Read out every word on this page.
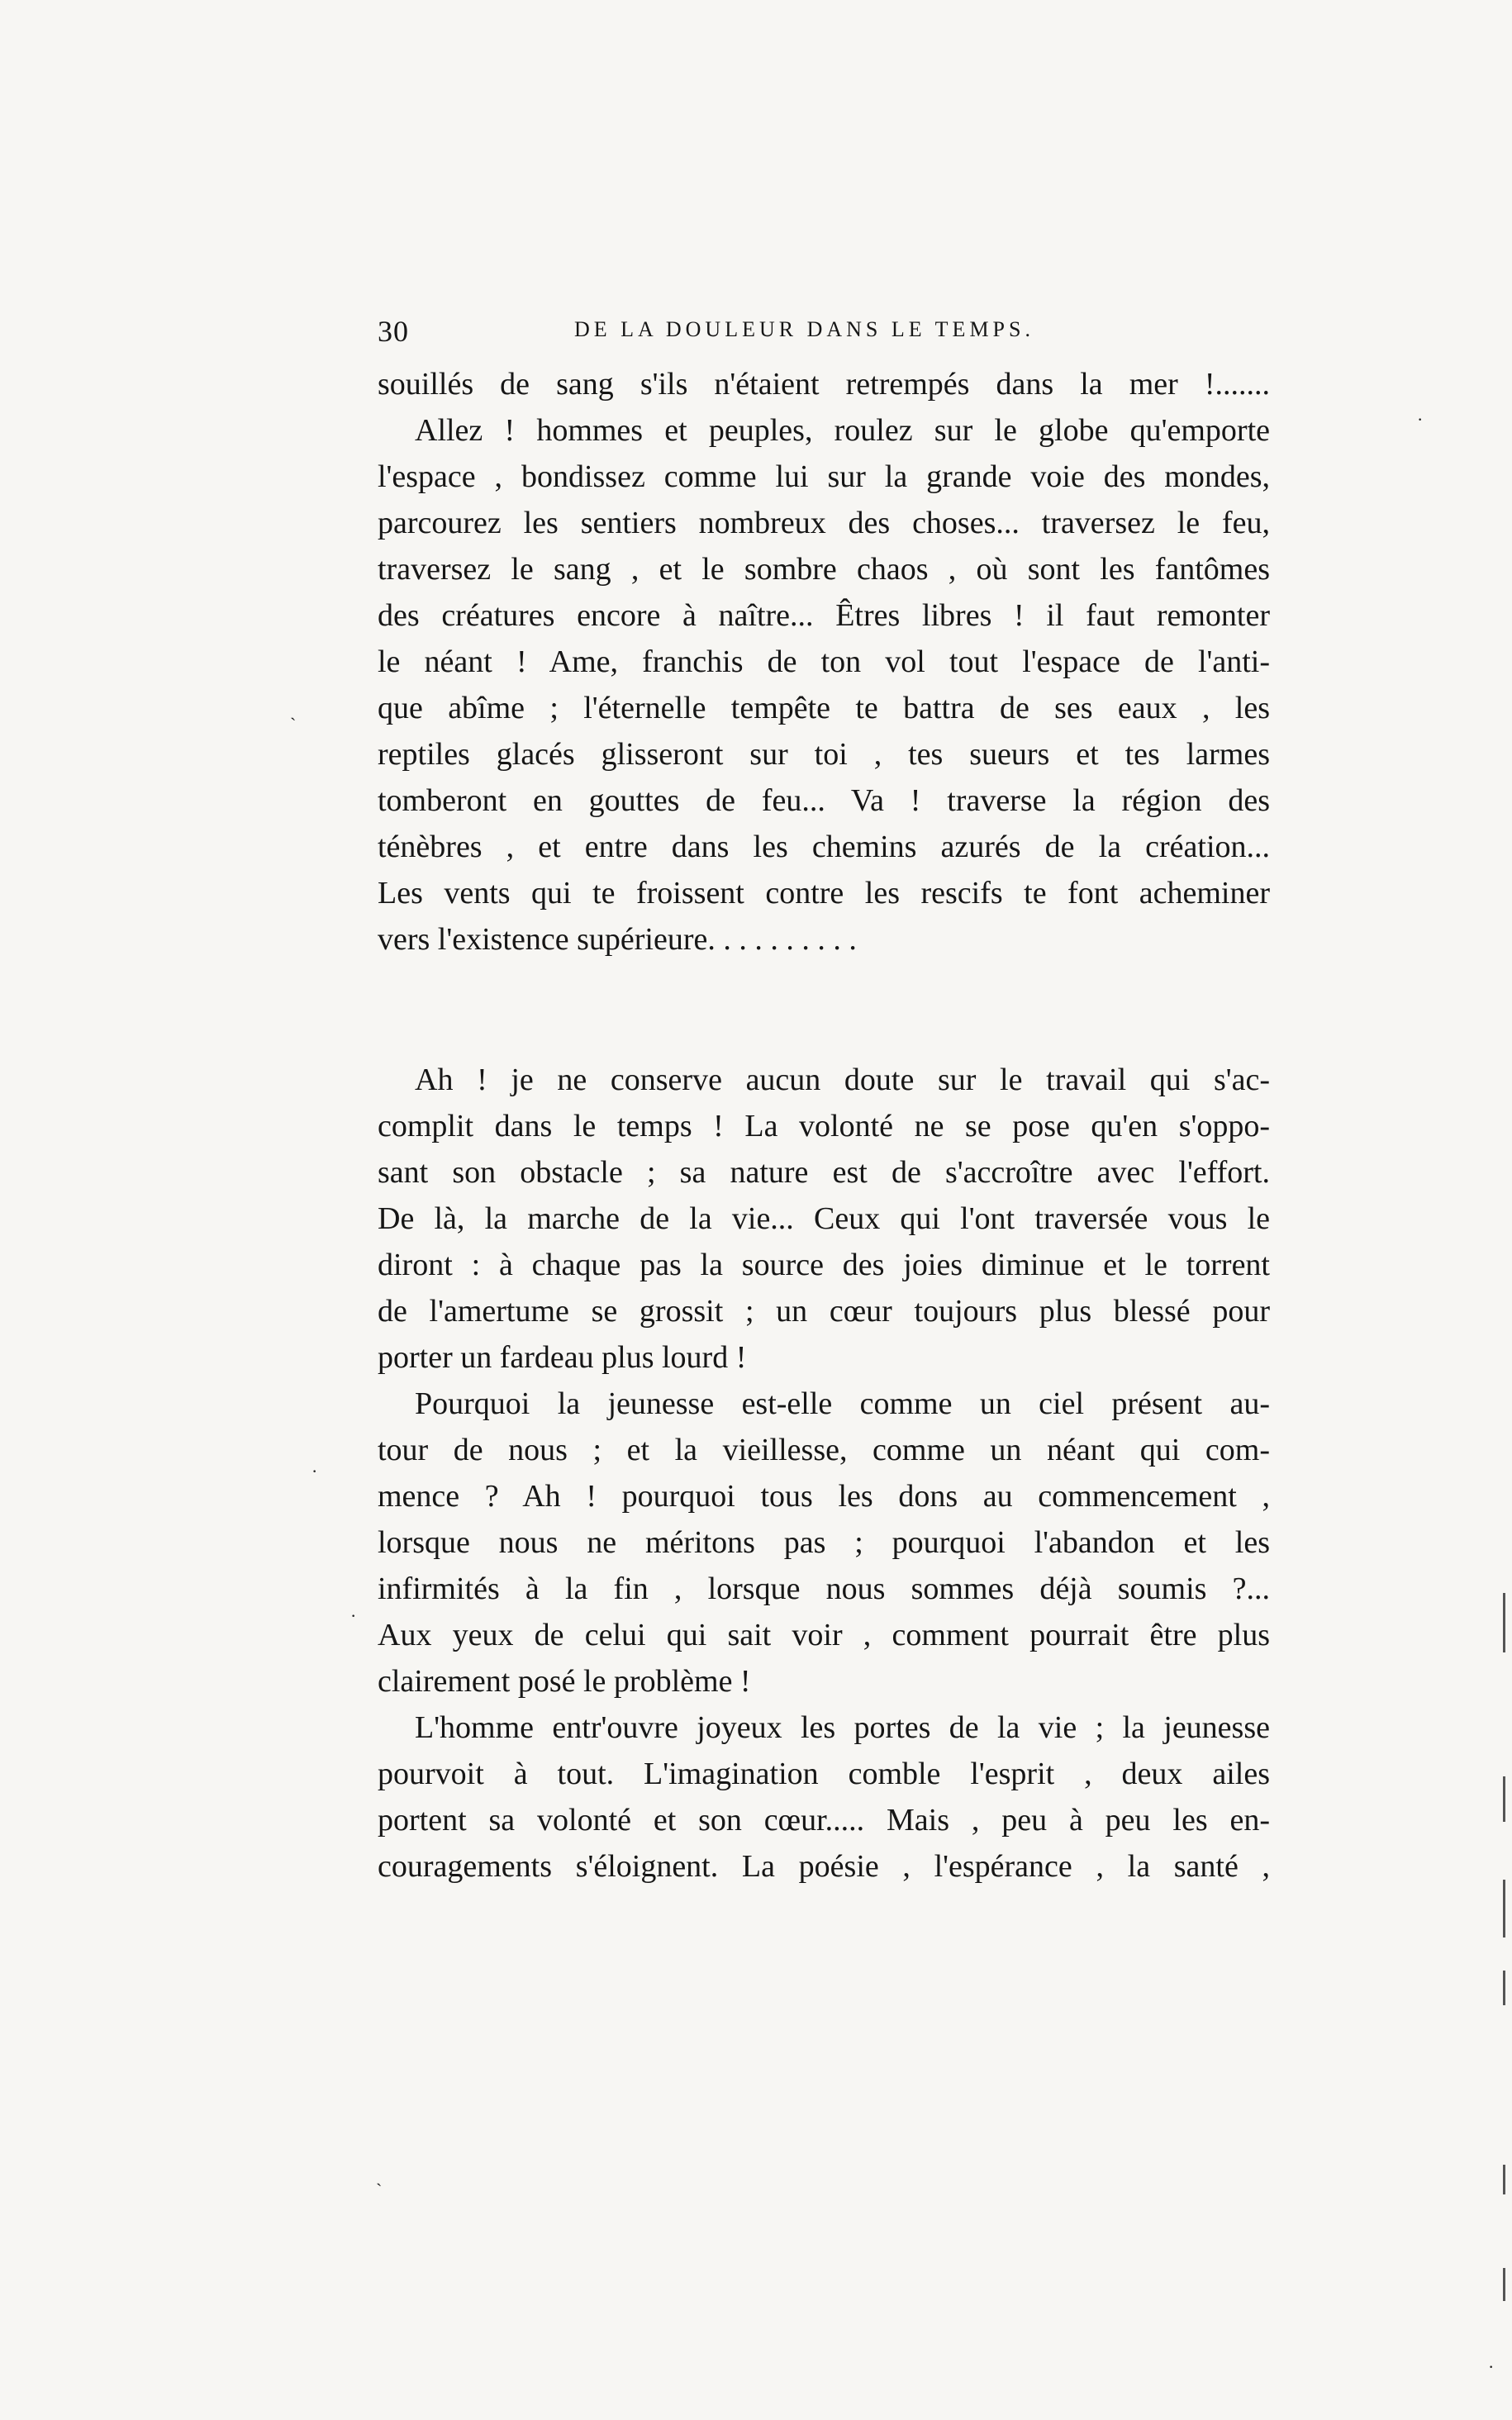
30	DE LA DOULEUR DANS LE TEMPS.
souillés de sang s'ils n'étaient retrempés dans la mer !.......
Allez ! hommes et peuples, roulez sur le globe qu'emporte
l'espace , bondissez comme lui sur la grande voie des mondes,
parcourez les sentiers nombreux des choses... traversez le feu,
traversez le sang , et le sombre chaos , où sont les fantômes
des créatures encore à naître... Êtres libres ! il faut remonter
le néant ! Ame, franchis de ton vol tout l'espace de l'anti-
que abîme ; l'éternelle tempête te battra de ses eaux , les
reptiles glacés glisseront sur toi , tes sueurs et tes larmes
tomberont en gouttes de feu... Va ! traverse la région des
ténèbres , et entre dans les chemins azurés de la création...
Les vents qui te froissent contre les rescifs te font acheminer
vers l'existence supérieure. . . . . . . . . .
Ah ! je ne conserve aucun doute sur le travail qui s'ac-
complit dans le temps ! La volonté ne se pose qu'en s'oppo-
sant son obstacle ; sa nature est de s'accroître avec l'effort.
De là, la marche de la vie... Ceux qui l'ont traversée vous le
diront : à chaque pas la source des joies diminue et le torrent
de l'amertume se grossit ; un cœur toujours plus blessé pour
porter un fardeau plus lourd !
Pourquoi la jeunesse est-elle comme un ciel présent au-
tour de nous ; et la vieillesse, comme un néant qui com-
mence ? Ah ! pourquoi tous les dons au commencement ,
lorsque nous ne méritons pas ; pourquoi l'abandon et les
infirmités à la fin , lorsque nous sommes déjà soumis ?...
Aux yeux de celui qui sait voir , comment pourrait être plus
clairement posé le problème !
L'homme entr'ouvre joyeux les portes de la vie ; la jeunesse
pourvoit à tout. L'imagination comble l'esprit , deux ailes
portent sa volonté et son cœur..... Mais , peu à peu les en-
couragements s'éloignent. La poésie , l'espérance , la santé ,
ˋ
·
·
·
ˋ
·
